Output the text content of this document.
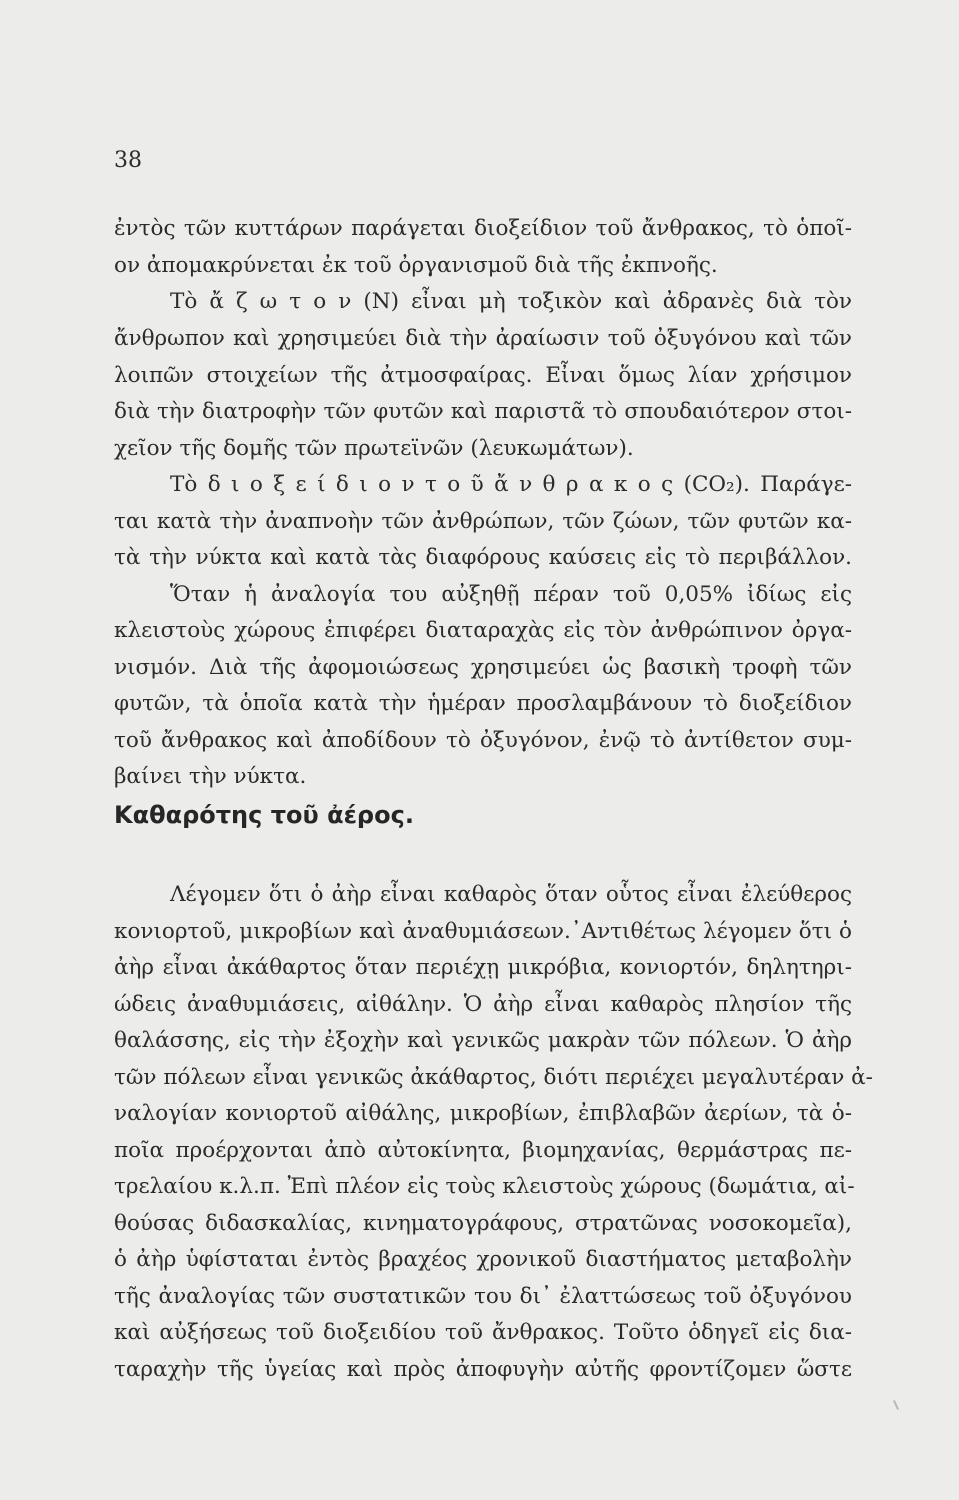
38
ἐντὸς τῶν κυττάρων παράγεται διοξείδιον τοῦ ἄνθρακος, τὸ ὁποῖ-
ον ἀπομακρύνεται ἐκ τοῦ ὀργανισμοῦ διὰ τῆς ἐκπνοῆς.
Τὸ ἄ ζ ω τ ο ν (Ν) εἶναι μὴ τοξικὸν καὶ ἀδρανὲς διὰ τὸν
ἄνθρωπον καὶ χρησιμεύει διὰ τὴν ἀραίωσιν τοῦ ὀξυγόνου καὶ τῶν
λοιπῶν στοιχείων τῆς ἀτμοσφαίρας. Εἶναι ὅμως λίαν χρήσιμον
διὰ τὴν διατροφὴν τῶν φυτῶν καὶ παριστᾶ τὸ σπουδαιότερον στοι-
χεῖον τῆς δομῆς τῶν πρωτεϊνῶν (λευκωμάτων).
Τὸ δ ι ο ξ ε ί δ ι ο ν τ ο ῦ ἄ ν θ ρ α κ ο ς (CO₂). Παράγε-
ται κατὰ τὴν ἀναπνοὴν τῶν ἀνθρώπων, τῶν ζώων, τῶν φυτῶν κα-
τὰ τὴν νύκτα καὶ κατὰ τὰς διαφόρους καύσεις εἰς τὸ περιβάλλον.
Ὅταν ἡ ἀναλογία του αὐξηθῇ πέραν τοῦ 0,05% ἰδίως εἰς
κλειστοὺς χώρους ἐπιφέρει διαταραχὰς εἰς τὸν ἀνθρώπινον ὀργα-
νισμόν. Διὰ τῆς ἀφομοιώσεως χρησιμεύει ὡς βασικὴ τροφὴ τῶν
φυτῶν, τὰ ὁποῖα κατὰ τὴν ἡμέραν προσλαμβάνουν τὸ διοξείδιον
τοῦ ἄνθρακος καὶ ἀποδίδουν τὸ ὀξυγόνον, ἐνῷ τὸ ἀντίθετον συμ-
βαίνει τὴν νύκτα.
Καθαρότης τοῦ ἀέρος.
Λέγομεν ὅτι ὁ ἀὴρ εἶναι καθαρὸς ὅταν οὗτος εἶναι ἐλεύθερος
κονιορτοῦ, μικροβίων καὶ ἀναθυμιάσεων.᾿Αντιθέτως λέγομεν ὅτι ὁ
ἀὴρ εἶναι ἀκάθαρτος ὅταν περιέχῃ μικρόβια, κονιορτόν, δηλητηρι-
ώδεις ἀναθυμιάσεις, αἰθάλην. Ὁ ἀὴρ εἶναι καθαρὸς πλησίον τῆς
θαλάσσης, εἰς τὴν ἐξοχὴν καὶ γενικῶς μακρὰν τῶν πόλεων. Ὁ ἀὴρ
τῶν πόλεων εἶναι γενικῶς ἀκάθαρτος, διότι περιέχει μεγαλυτέραν ἀ-
ναλογίαν κονιορτοῦ αἰθάλης, μικροβίων, ἐπιβλαβῶν ἀερίων, τὰ ὁ-
ποῖα προέρχονται ἀπὸ αὐτοκίνητα, βιομηχανίας, θερμάστρας πε-
τρελαίου κ.λ.π. Ἐπὶ πλέον εἰς τοὺς κλειστοὺς χώρους (δωμάτια, αἰ-
θούσας διδασκαλίας, κινηματογράφους, στρατῶνας νοσοκομεῖα),
ὁ ἀὴρ ὑφίσταται ἐντὸς βραχέος χρονικοῦ διαστήματος μεταβολὴν
τῆς ἀναλογίας τῶν συστατικῶν του δι᾿ ἐλαττώσεως τοῦ ὀξυγόνου
καὶ αὐξήσεως τοῦ διοξειδίου τοῦ ἄνθρακος. Τοῦτο ὁδηγεῖ εἰς δια-
ταραχὴν τῆς ὑγείας καὶ πρὸς ἀποφυγὴν αὐτῆς φροντίζομεν ὥστε
